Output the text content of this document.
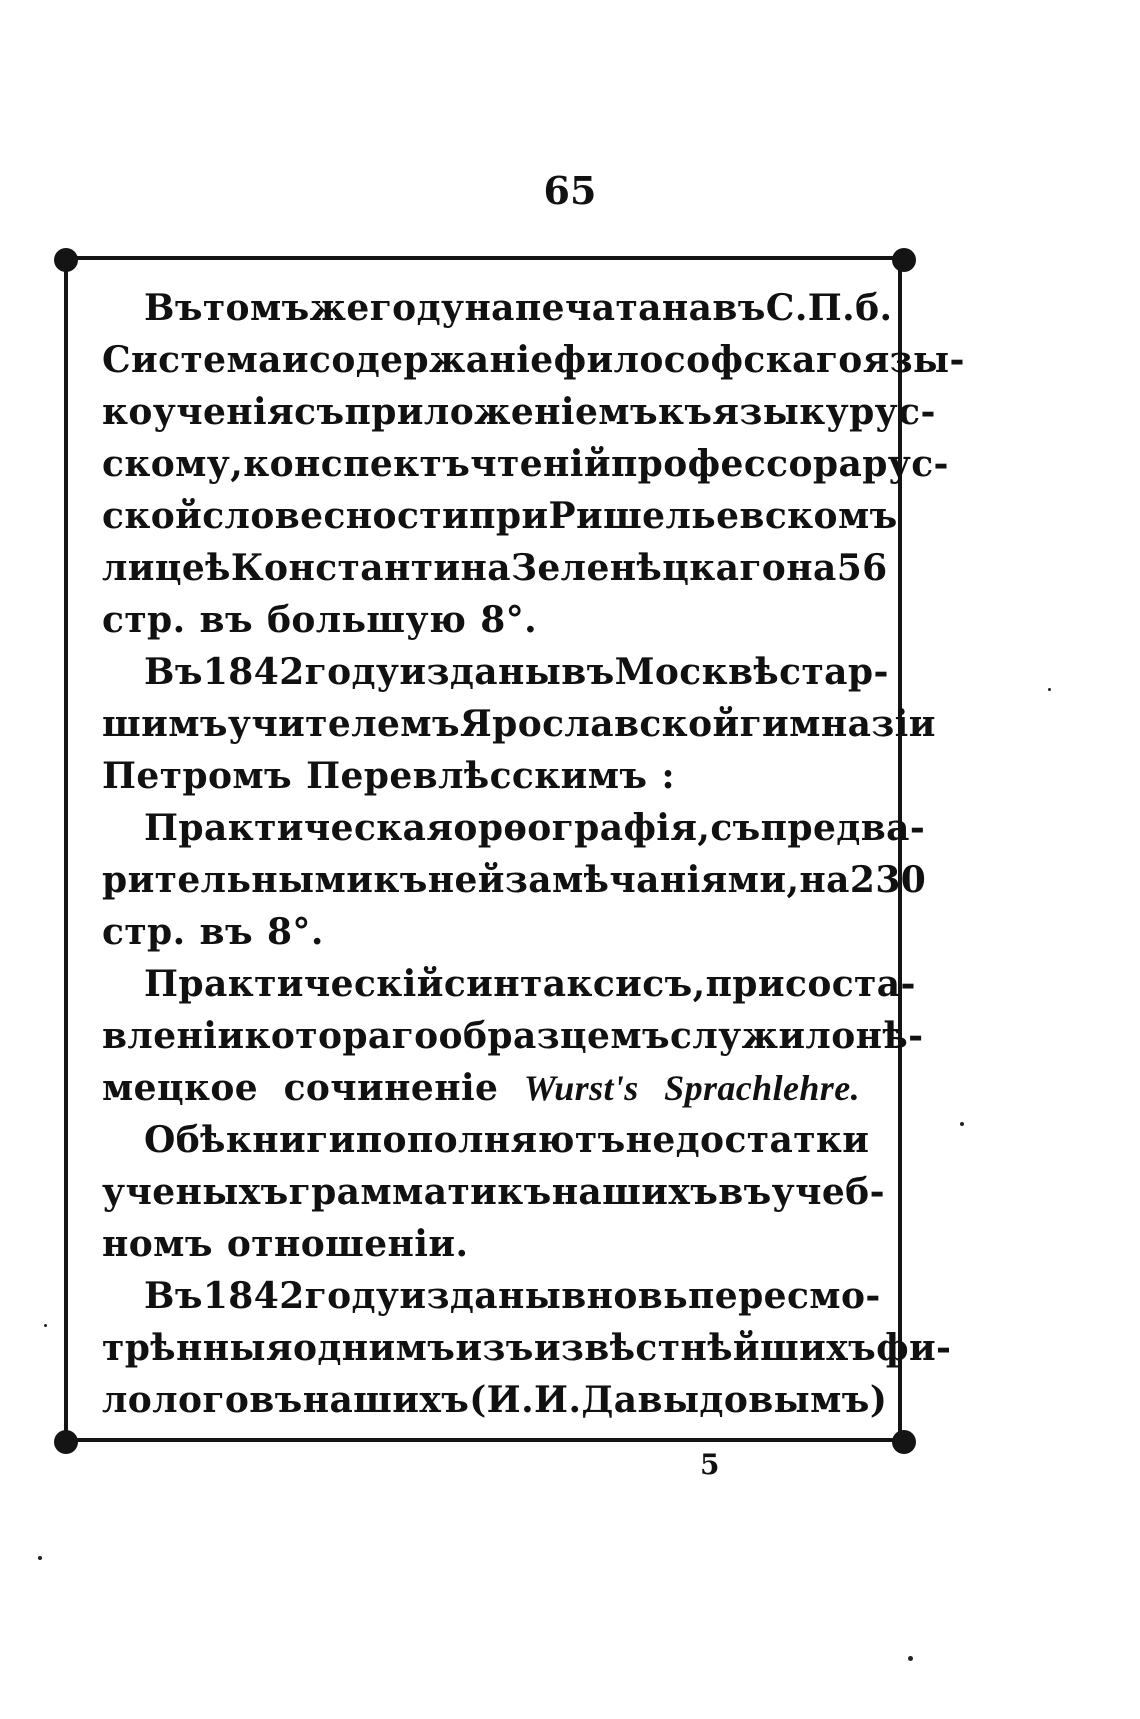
65
Въ томъ же году напечатана въ С.П.б.
Система и содержаніе философскаго язы-
коученія съ приложеніемъ къ языку рус-
скому, конспектъ чтеній профессора рус-
ской словесности при Ришельевскомъ
лицеѣ Константина Зеленѣцкаго на 56
стр. въ большую 8°.
Въ 1842 году изданы въ Москвѣ стар-
шимъ учителемъ Ярославской гимназіи
Петромъ Перевлѣсскимъ :
Практическая орѳографія, съ предва-
рительными къ ней замѣчаніями, на 230
стр. въ 8°.
Практическій синтаксисъ, при соста-
вленіи котораго образцемъ служило нѣ-
мецкое сочиненіе Wurst's Sprachlehre.
Обѣ книги пополняютъ недостатки
ученыхъ грамматикъ нашихъ въ учеб-
номъ отношеніи.
Въ 1842 году изданы вновь пересмо-
трѣнныя однимъ изъ извѣстнѣйшихъ фи-
лологовъ нашихъ (И. И. Давыдовымъ)
5
